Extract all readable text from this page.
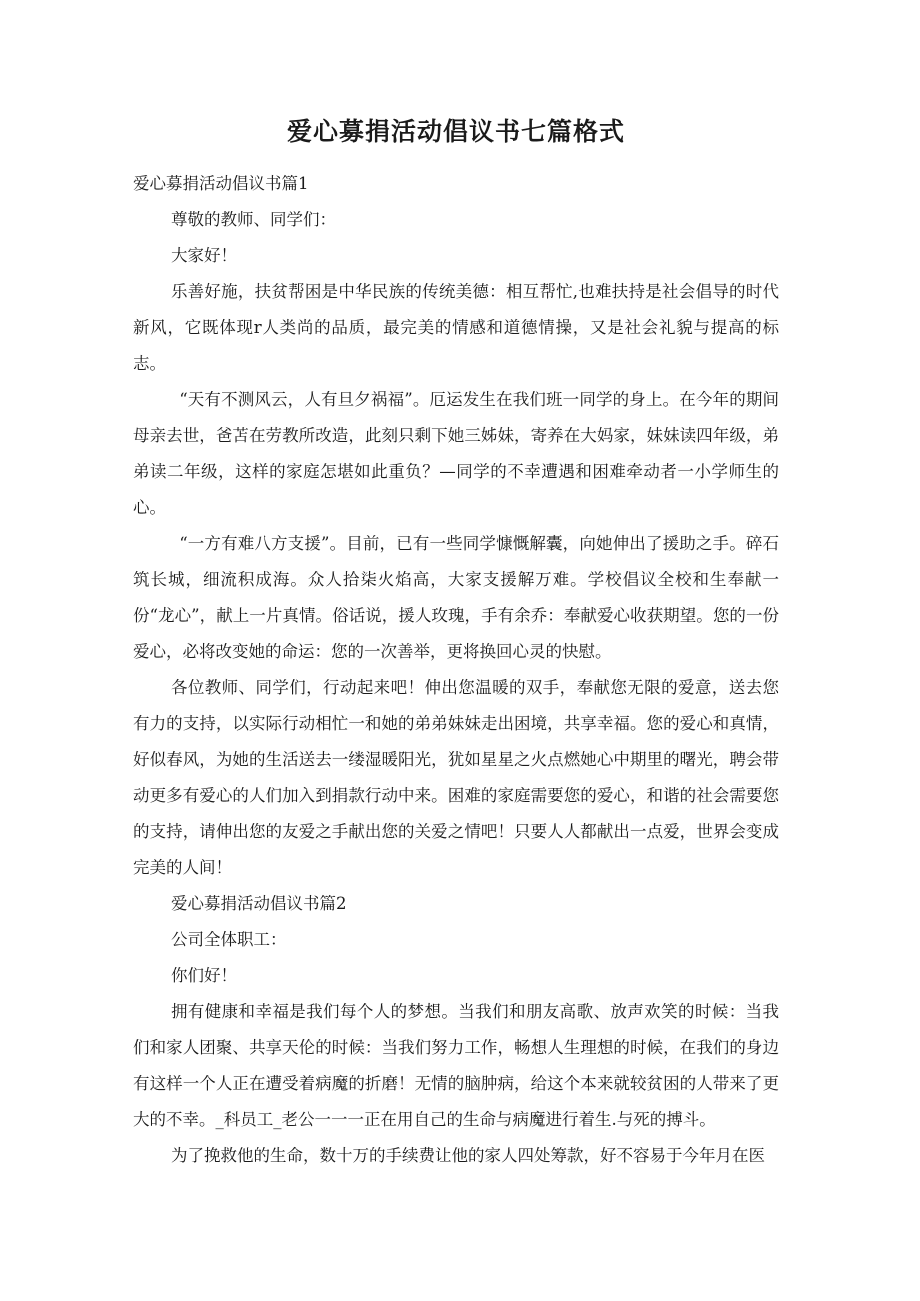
爱心募捐活动倡议书七篇格式

爱心募捐活动倡议书篇1

尊敬的教师、同学们：

大家好！

乐善好施，扶贫帮困是中华民族的传统美德：相互帮忙,也难扶持是社会倡导的时代新风，它既体现r人类尚的品质，最完美的情感和道德情操，又是社会礼貌与提高的标志。

“天有不测风云，人有旦夕祸福”。厄运发生在我们班一同学的身上。在今年的期间母亲去世，爸苫在劳教所改造，此刻只剩下她三姊妹，寄养在大妈家，妹妹读四年级，弟弟读二年级，这样的家庭怎堪如此重负？—同学的不幸遭遇和困难牵动者一小学师生的心。

“一方有难八方支援”。目前，已有一些同学慷慨解囊，向她伸出了援助之手。碎石筑长城，细流积成海。众人拾柒火焰高，大家支援解万难。学校倡议全校和生奉献一份“龙心”，献上一片真情。俗话说，援人玫瑰，手有余乔：奉献爱心收获期望。您的一份爱心，必将改变她的命运：您的一次善举，更将换回心灵的快慰。

各位教师、同学们，行动起来吧！伸出您温暖的双手，奉献您无限的爱意，送去您有力的支持，以实际行动相忙一和她的弟弟妹妹走出困境，共享幸福。您的爱心和真情，好似春风，为她的生活送去一缕湿暖阳光，犹如星星之火点燃她心中期里的曙光，聘会带动更多有爱心的人们加入到捐款行动中来。困难的家庭需要您的爱心，和谐的社会需要您的支持，请伸出您的友爱之手献出您的关爱之情吧！只要人人都献出一点爱，世界会变成完美的人间！

爱心募捐活动倡议书篇2

公司全体职工：

你们好！

拥有健康和幸福是我们每个人的梦想。当我们和朋友高歌、放声欢笑的时候：当我们和家人团聚、共享天伦的时候：当我们努力工作，畅想人生理想的时候，在我们的身边有这样一个人正在遭受着病魔的折磨！无情的脑肿病，给这个本来就较贫困的人带来了更大的不幸。_科员工_老公一一一正在用自己的生命与病魔进行着生.与死的搏斗。

为了挽救他的生命，数十万的手续费让他的家人四处筹款，好不容易于今年月在医
